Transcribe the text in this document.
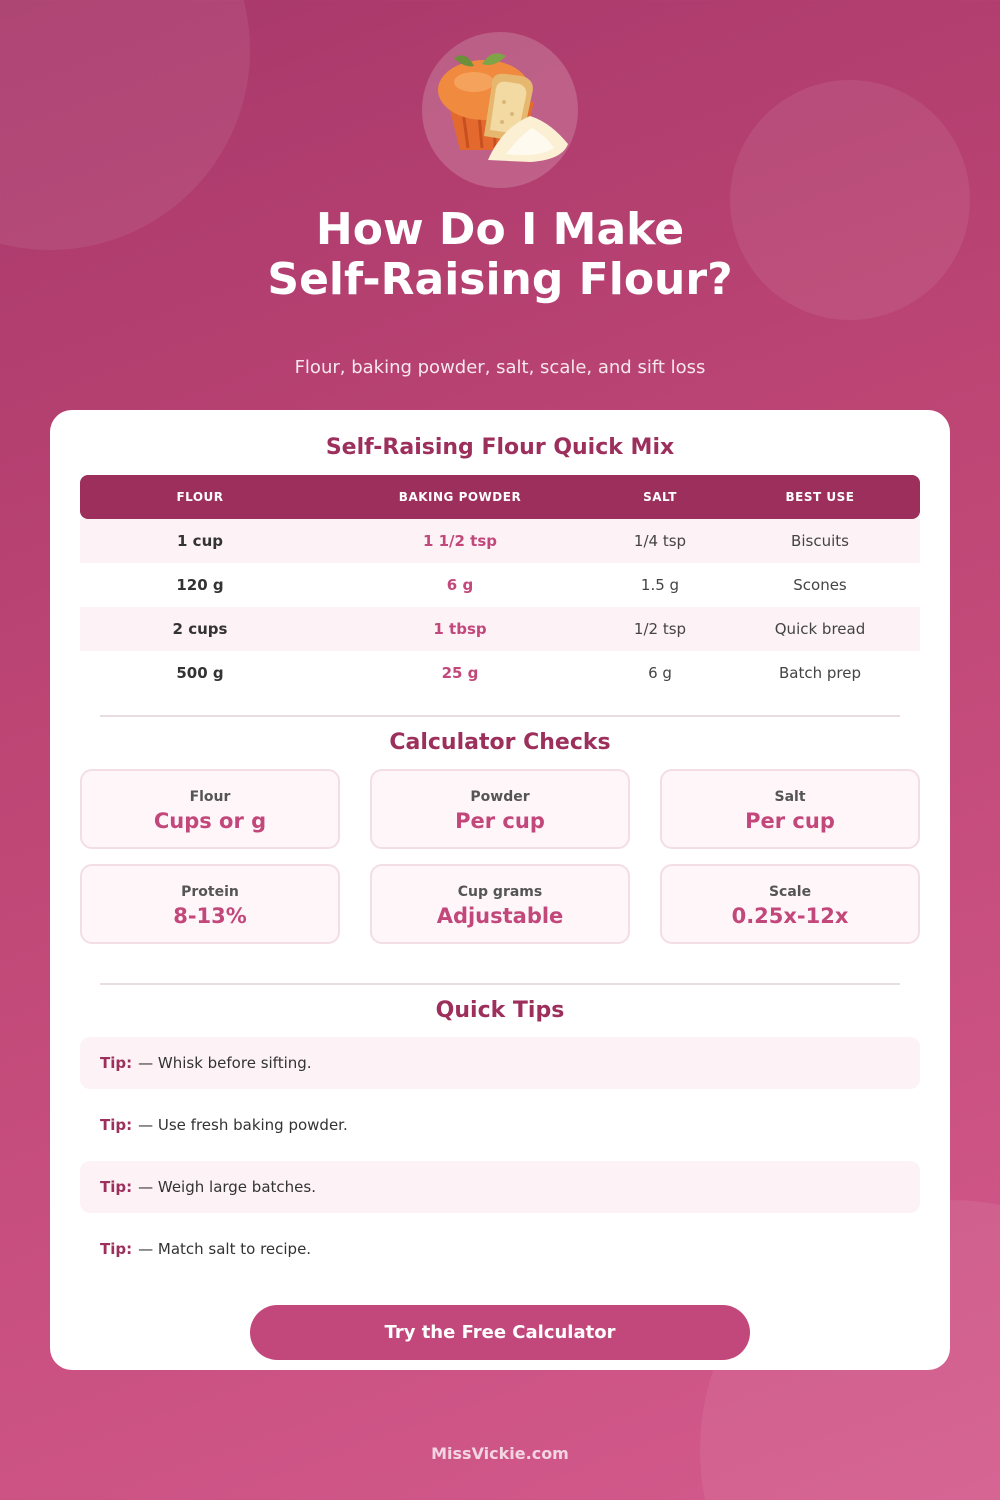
How Do I Make
Self-Raising Flour?
Flour, baking powder, salt, scale, and sift loss
Self-Raising Flour Quick Mix
FLOUR	BAKING POWDER	SALT	BEST USE
1 cup	1 1/2 tsp	1/4 tsp	Biscuits
120 g	6 g	1.5 g	Scones
2 cups	1 tbsp	1/2 tsp	Quick bread
500 g	25 g	6 g	Batch prep
Calculator Checks
Flour
Cups or g
Powder
Per cup
Salt
Per cup
Protein
8-13%
Cup grams
Adjustable
Scale
0.25x-12x
Quick Tips
Tip: — Whisk before sifting.
Tip: — Use fresh baking powder.
Tip: — Weigh large batches.
Tip: — Match salt to recipe.
Try the Free Calculator
MissVickie.com
